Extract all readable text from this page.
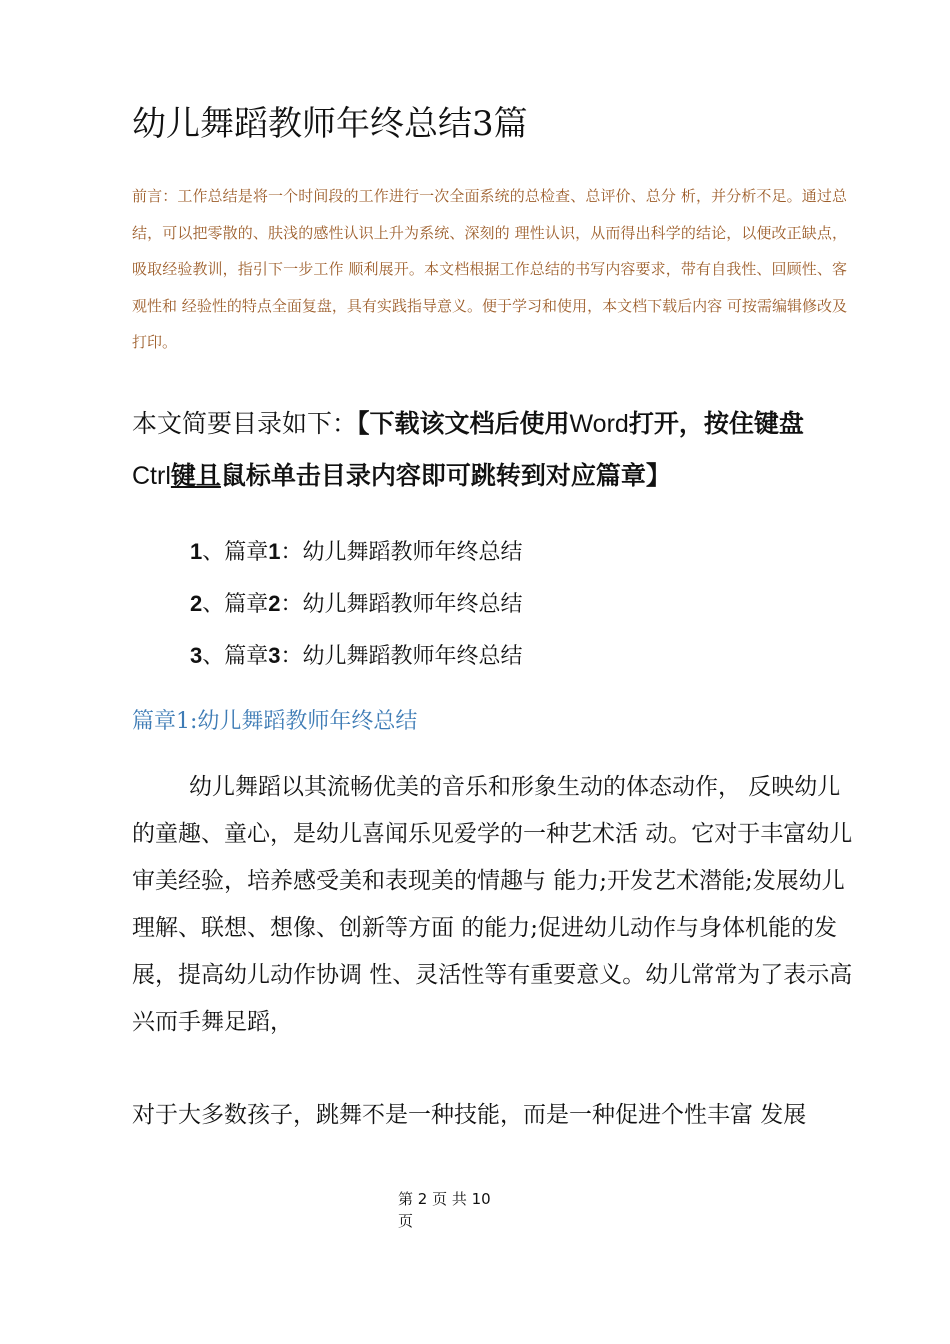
幼儿舞蹈教师年终总结3篇
前言：工作总结是将一个时间段的工作进行一次全面系统的总检查、总评价、总分 析，并分析不足。通过总结，可以把零散的、肤浅的感性认识上升为系统、深刻的 理性认识，从而得出科学的结论，以便改正缺点，吸取经验教训，指引下一步工作 顺利展开。本文档根据工作总结的书写内容要求，带有自我性、回顾性、客观性和 经验性的特点全面复盘，具有实践指导意义。便于学习和使用，本文档下载后内容 可按需编辑修改及打印。
本文简要目录如下：【下载该文档后使用Word打开，按住键盘
Ctrl键且鼠标单击目录内容即可跳转到对应篇章】
1、篇章1：幼儿舞蹈教师年终总结
2、篇章2：幼儿舞蹈教师年终总结
3、篇章3：幼儿舞蹈教师年终总结
篇章1:幼儿舞蹈教师年终总结
幼儿舞蹈以其流畅优美的音乐和形象生动的体态动作， 反映幼儿的童趣、童心，是幼儿喜闻乐见爱学的一种艺术活 动。它对于丰富幼儿审美经验，培养感受美和表现美的情趣与 能力;开发艺术潜能;发展幼儿理解、联想、想像、创新等方面 的能力;促进幼儿动作与身体机能的发展，提高幼儿动作协调 性、灵活性等有重要意义。幼儿常常为了表示高兴而手舞足蹈，
对于大多数孩子，跳舞不是一种技能，而是一种促进个性丰富 发展
第 2 页 共 10
页
